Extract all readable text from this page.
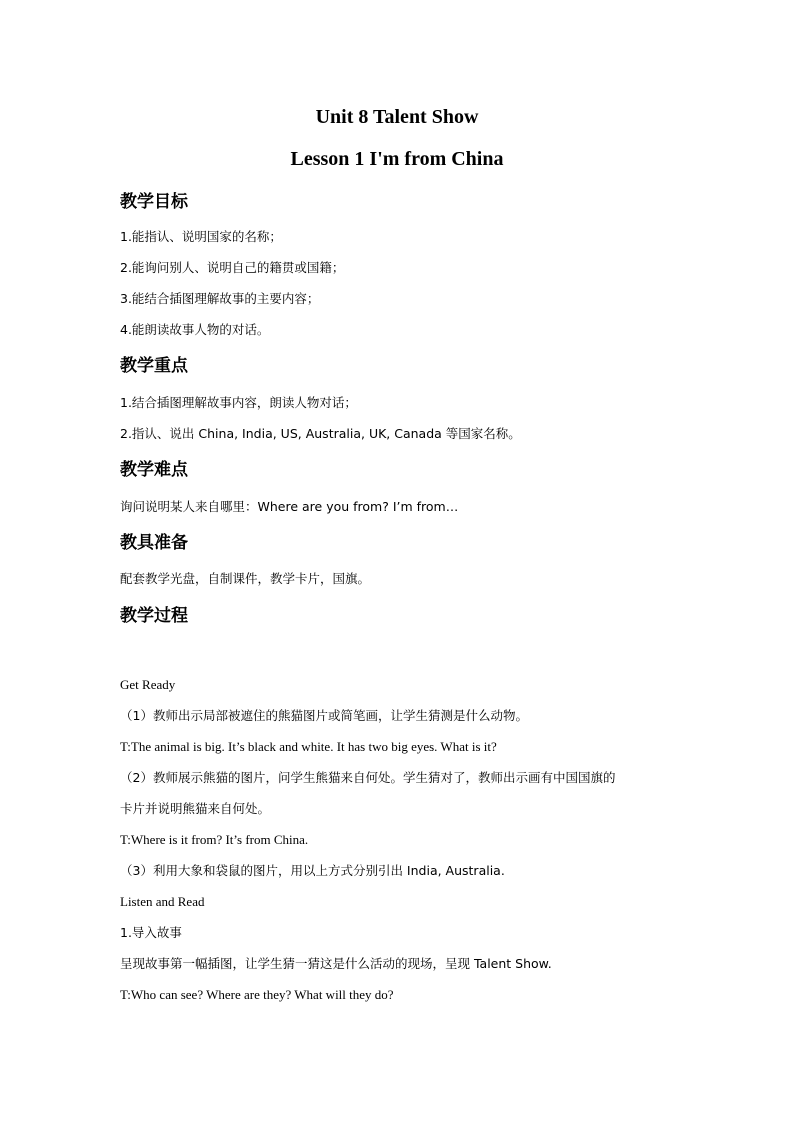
Unit 8 Talent Show
Lesson 1 I'm from China
教学目标

1.能指认、说明国家的名称；

2.能询问别人、说明自己的籍贯或国籍；

3.能结合插图理解故事的主要内容；

4.能朗读故事人物的对话。

教学重点

1.结合插图理解故事内容，朗读人物对话；

2.指认、说出 China, India, US, Australia, UK, Canada 等国家名称。

教学难点

询问说明某人来自哪里：Where are you from? I’m from…

教具准备

配套教学光盘，自制课件，教学卡片，国旗。

教学过程

Get Ready

（1）教师出示局部被遮住的熊猫图片或简笔画，让学生猜测是什么动物。

T:The animal is big. It’s black and white. It has two big eyes. What is it?

（2）教师展示熊猫的图片，问学生熊猫来自何处。学生猜对了，教师出示画有中国国旗的

卡片并说明熊猫来自何处。

T:Where is it from? It’s from China.

（3）利用大象和袋鼠的图片，用以上方式分别引出 India, Australia.

Listen and Read

1.导入故事

呈现故事第一幅插图，让学生猜一猜这是什么活动的现场，呈现 Talent Show.

T:Who can see? Where are they? What will they do?
